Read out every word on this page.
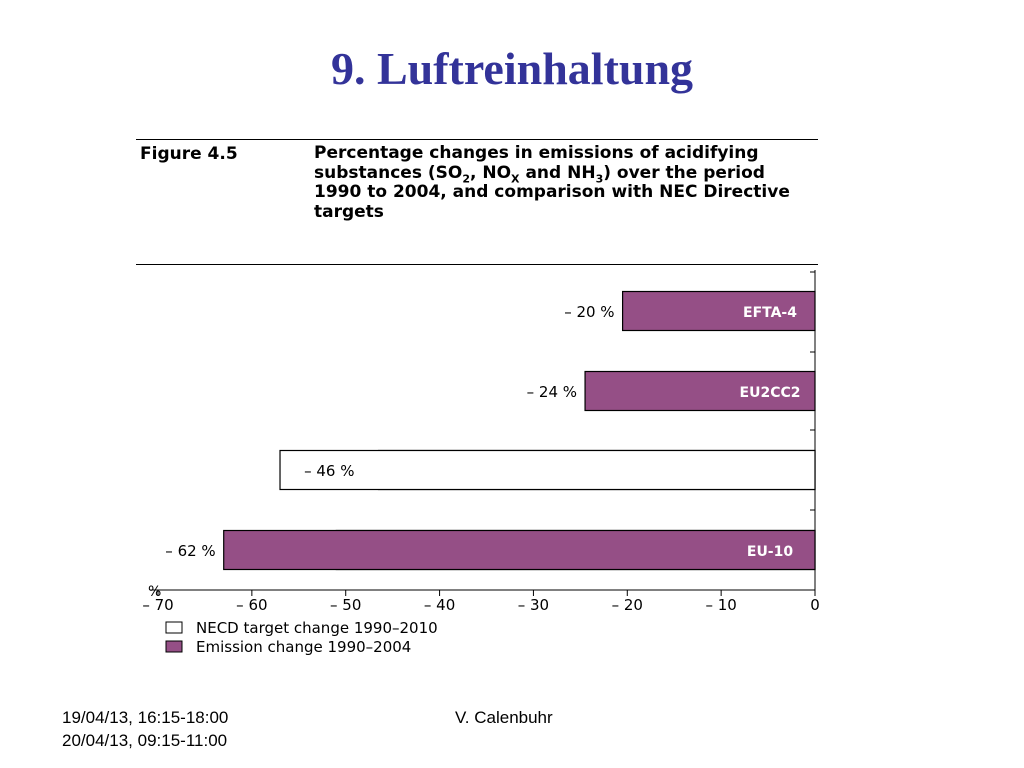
9. Luftreinhaltung
Figure 4.5	Percentage changes in emissions of acidifying substances ($SO_2$, $NO_X$ and $NH_3$) over the period 1990 to 2004, and comparison with NEC Directive targets
EFTA-4
– 20 %
EU2CC2
– 24 %
EU-15
– 46 %
EU-10
– 62 %
– 70	– 60	– 50	– 40	– 30	– 20	– 10	0
%
NECD target change 1990–2010
Emission change 1990–2004
19/04/13, 16:15-18:00
20/04/13, 09:15-11:00
V. Calenbuhr
